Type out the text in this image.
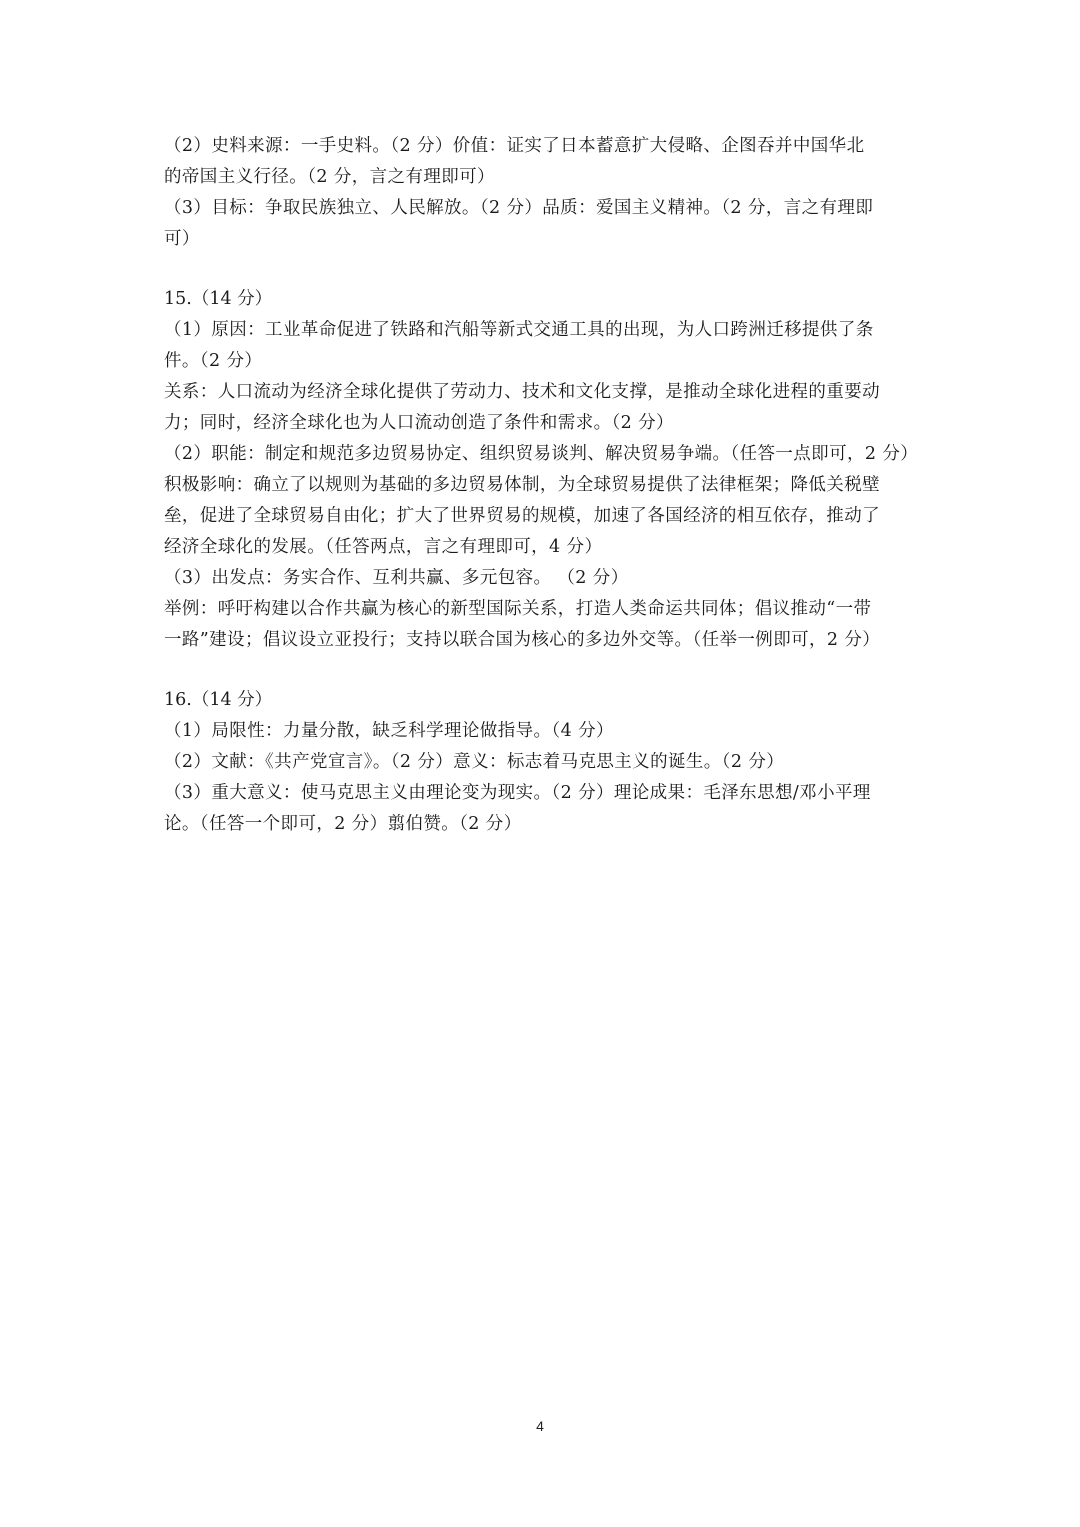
（2）史料来源：一手史料。（2 分）价值：证实了日本蓄意扩大侵略、企图吞并中国华北
的帝国主义行径。（2 分，言之有理即可）
（3）目标：争取民族独立、人民解放。（2 分）品质：爱国主义精神。（2 分，言之有理即
可）
15.（14 分）
（1）原因：工业革命促进了铁路和汽船等新式交通工具的出现，为人口跨洲迁移提供了条
件。（2 分）
关系：人口流动为经济全球化提供了劳动力、技术和文化支撑，是推动全球化进程的重要动
力；同时，经济全球化也为人口流动创造了条件和需求。（2 分）
（2）职能：制定和规范多边贸易协定、组织贸易谈判、解决贸易争端。（任答一点即可，2 分）
积极影响：确立了以规则为基础的多边贸易体制，为全球贸易提供了法律框架；降低关税壁
垒，促进了全球贸易自由化；扩大了世界贸易的规模，加速了各国经济的相互依存，推动了
经济全球化的发展。（任答两点，言之有理即可，4 分）
（3）出发点：务实合作、互利共赢、多元包容。 （2 分）
举例：呼吁构建以合作共赢为核心的新型国际关系，打造人类命运共同体；倡议推动“一带
一路”建设；倡议设立亚投行；支持以联合国为核心的多边外交等。（任举一例即可，2 分）
16.（14 分）
（1）局限性：力量分散，缺乏科学理论做指导。（4 分）
（2）文献：《共产党宣言》。（2 分）意义：标志着马克思主义的诞生。（2 分）
（3）重大意义：使马克思主义由理论变为现实。（2 分）理论成果：毛泽东思想/邓小平理
论。（任答一个即可，2 分）翦伯赞。（2 分）
4
